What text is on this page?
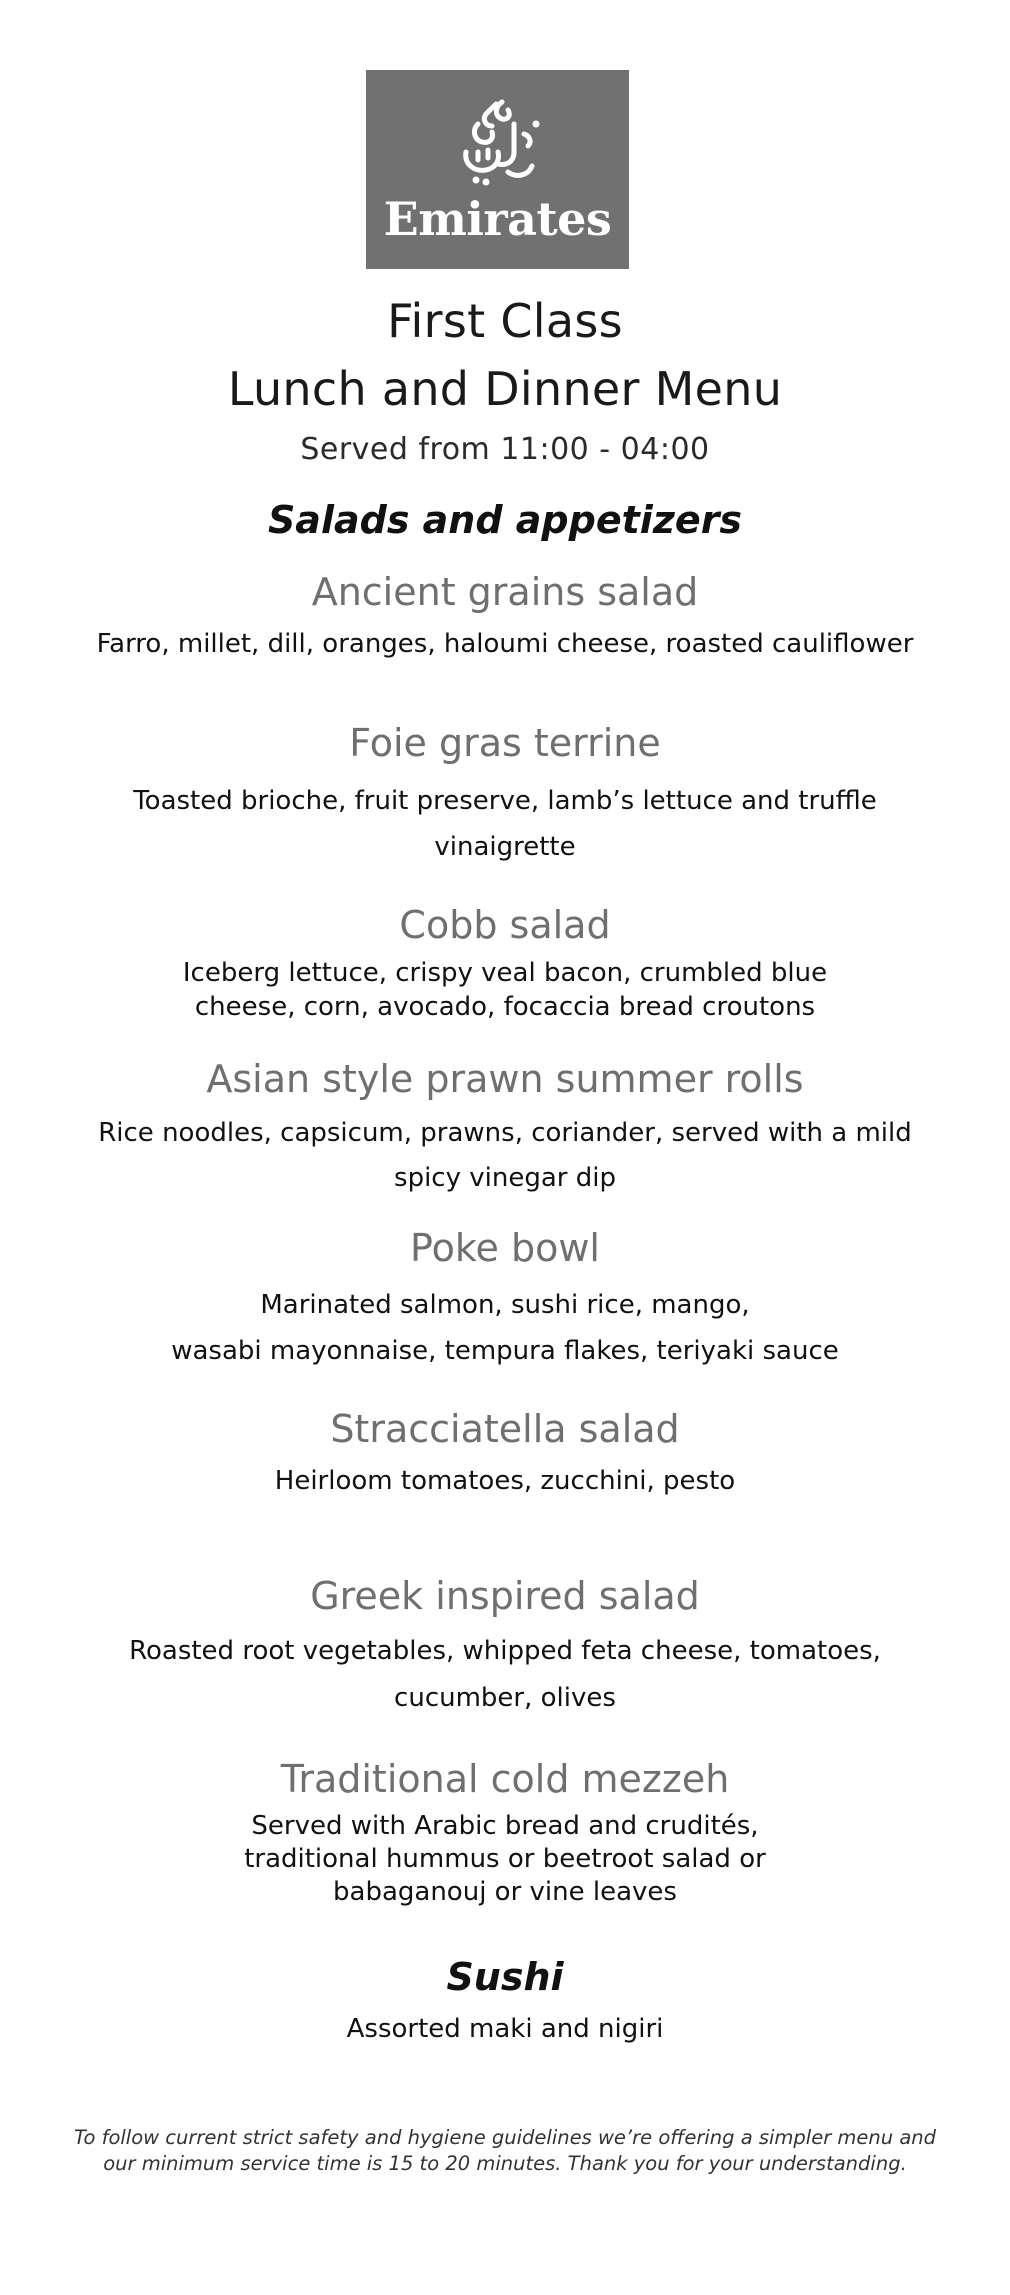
Emirates
First Class
Lunch and Dinner Menu
Served from 11:00 - 04:00
Salads and appetizers
Ancient grains salad
Farro, millet, dill, oranges, haloumi cheese, roasted cauliflower
Foie gras terrine
Toasted brioche, fruit preserve, lamb’s lettuce and truffle
vinaigrette
Cobb salad
Iceberg lettuce, crispy veal bacon, crumbled blue
cheese, corn, avocado, focaccia bread croutons
Asian style prawn summer rolls
Rice noodles, capsicum, prawns, coriander, served with a mild
spicy vinegar dip
Poke bowl
Marinated salmon, sushi rice, mango,
wasabi mayonnaise, tempura flakes, teriyaki sauce
Stracciatella salad
Heirloom tomatoes, zucchini, pesto
Greek inspired salad
Roasted root vegetables, whipped feta cheese, tomatoes,
cucumber, olives
Traditional cold mezzeh
Served with Arabic bread and crudités,
traditional hummus or beetroot salad or
babaganouj or vine leaves
Sushi
Assorted maki and nigiri
To follow current strict safety and hygiene guidelines we’re offering a simpler menu and
our minimum service time is 15 to 20 minutes. Thank you for your understanding.
